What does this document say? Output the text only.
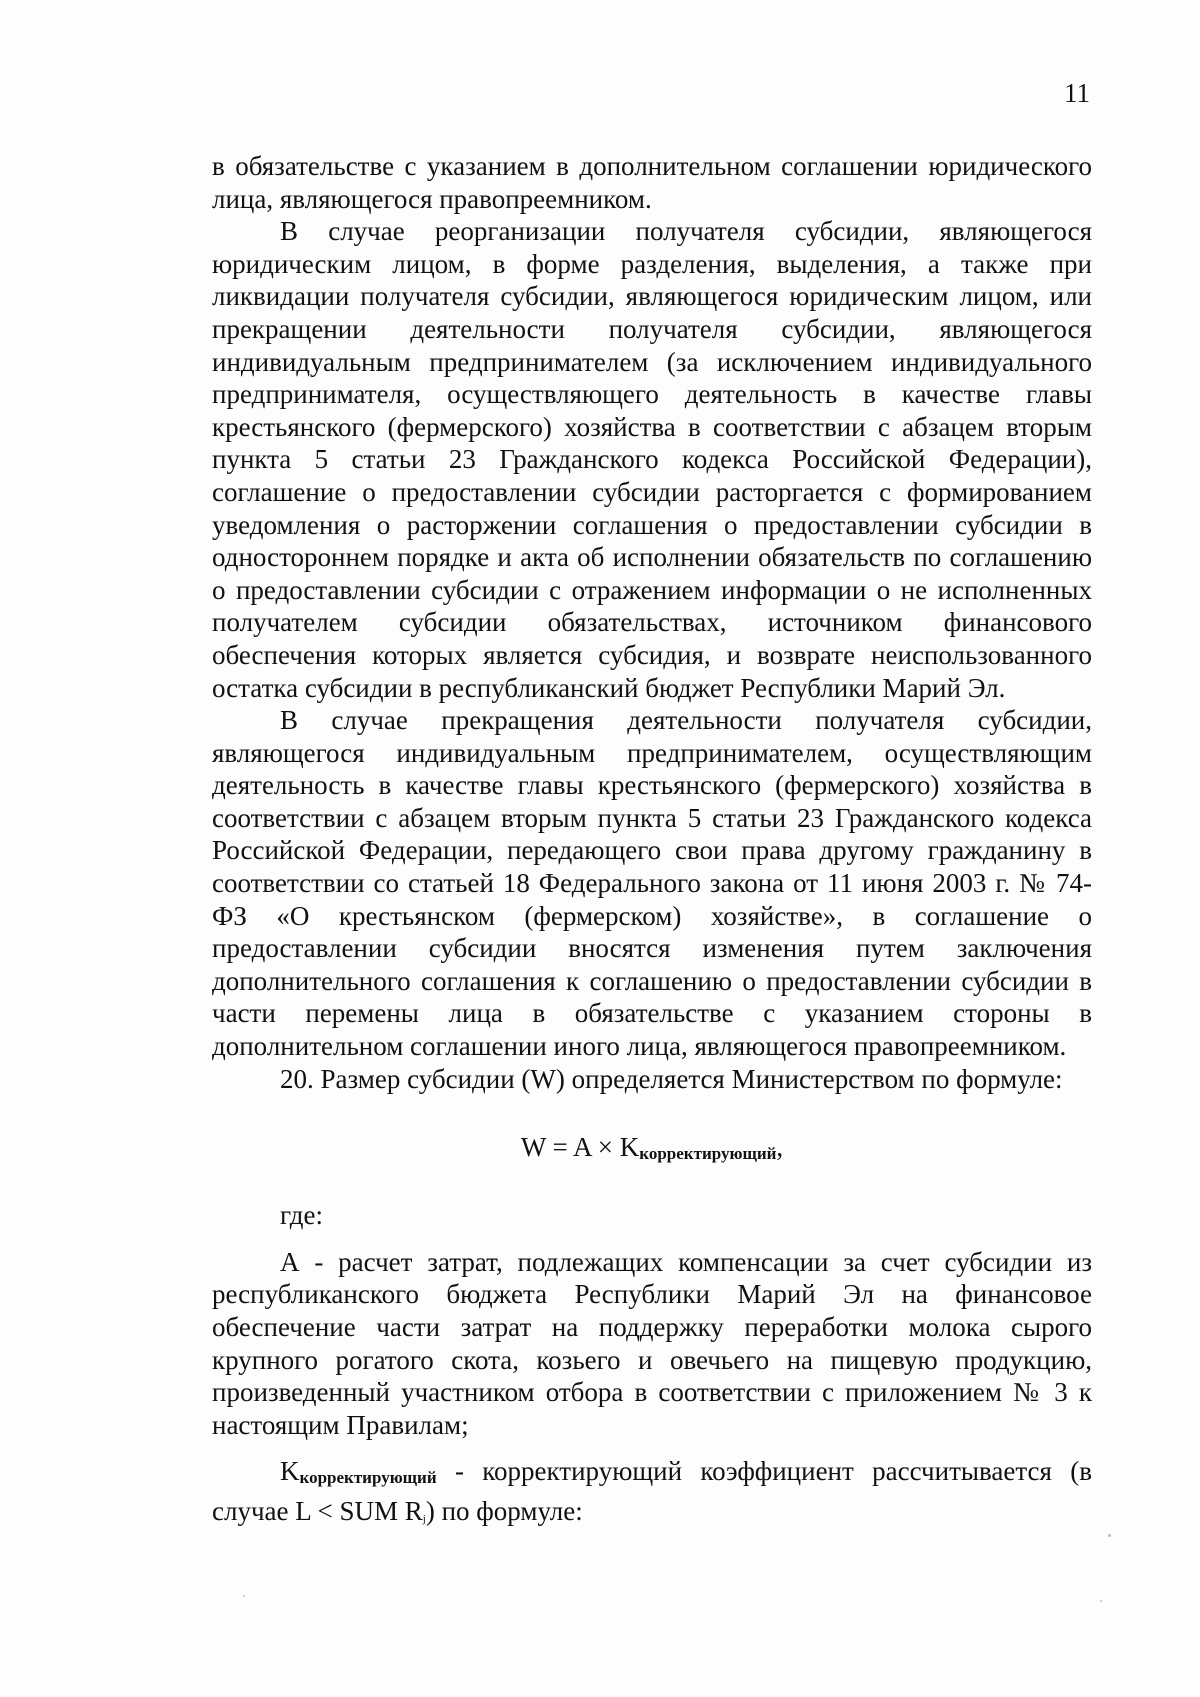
11

в обязательстве с указанием в дополнительном соглашении юридического лица, являющегося правопреемником.

В случае реорганизации получателя субсидии, являющегося юридическим лицом, в форме разделения, выделения, а также при ликвидации получателя субсидии, являющегося юридическим лицом, или прекращении деятельности получателя субсидии, являющегося индивидуальным предпринимателем (за исключением индивидуального предпринимателя, осуществляющего деятельность в качестве главы крестьянского (фермерского) хозяйства в соответствии с абзацем вторым пункта 5 статьи 23 Гражданского кодекса Российской Федерации), соглашение о предоставлении субсидии расторгается с формированием уведомления о расторжении соглашения о предоставлении субсидии в одностороннем порядке и акта об исполнении обязательств по соглашению о предоставлении субсидии с отражением информации о не исполненных получателем субсидии обязательствах, источником финансового обеспечения которых является субсидия, и возврате неиспользованного остатка субсидии в республиканский бюджет Республики Марий Эл.

В случае прекращения деятельности получателя субсидии, являющегося индивидуальным предпринимателем, осуществляющим деятельность в качестве главы крестьянского (фермерского) хозяйства в соответствии с абзацем вторым пункта 5 статьи 23 Гражданского кодекса Российской Федерации, передающего свои права другому гражданину в соответствии со статьей 18 Федерального закона от 11 июня 2003 г. № 74-ФЗ «О крестьянском (фермерском) хозяйстве», в соглашение о предоставлении субсидии вносятся изменения путем заключения дополнительного соглашения к соглашению о предоставлении субсидии в части перемены лица в обязательстве с указанием стороны в дополнительном соглашении иного лица, являющегося правопреемником.

20. Размер субсидии (W) определяется Министерством по формуле:

W = A × Kкорректирующий,

где:

А - расчет затрат, подлежащих компенсации за счет субсидии из республиканского бюджета Республики Марий Эл на финансовое обеспечение части затрат на поддержку переработки молока сырого крупного рогатого скота, козьего и овечьего на пищевую продукцию, произведенный участником отбора в соответствии с приложением № 3 к настоящим Правилам;

Kкорректирующий - корректирующий коэффициент рассчитывается (в случае L < SUM Rj) по формуле:
